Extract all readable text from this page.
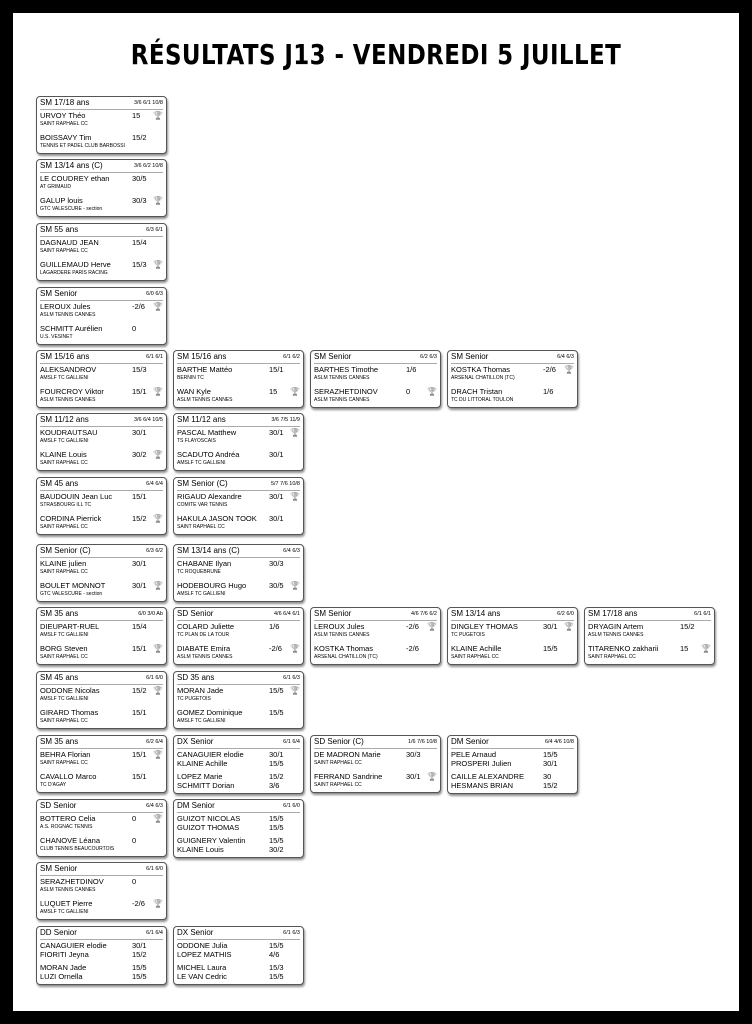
RÉSULTATS J13 - VENDREDI 5 JUILLET
SM 17/18 ans	3/6 6/1 10/8
URVOY Théo	15 🏆
SAINT RAPHAEL CC
BOISSAVY Tim	15/2
TENNIS ET PADEL CLUB BARBOSSI
SM 13/14 ans (C)	3/6 6/2 10/8
LE COUDREY ethan	30/5
AT GRIMAUD
GALUP louis	30/3 🏆
GTC VALESCURE - section
SM 55 ans	6/3 6/1
DAGNAUD JEAN	15/4
SAINT RAPHAEL CC
GUILLEMAUD Herve	15/3 🏆
LAGARDERE PARIS RACING
SM Senior	6/0 6/3
LEROUX Jules	-2/6 🏆
ASLM TENNIS CANNES
SCHMITT Aurélien	0
U.S. VESINET
SM 15/16 ans	6/1 6/1
ALEKSANDROV	15/3
AMSLF TC GALLIENI
FOURCROY Viktor	15/1 🏆
ASLM TENNIS CANNES
SM 15/16 ans	6/1 6/2
BARTHE Mattéo	15/1
BERNIN TC
WAN Kyle	15 🏆
ASLM TENNIS CANNES
SM Senior	6/2 6/3
BARTHES Timothe	1/6
ASLM TENNIS CANNES
SERAZHETDINOV	0 🏆
ASLM TENNIS CANNES
SM Senior	6/4 6/3
KOSTKA Thomas	-2/6 🏆
ARSENAL CHATILLON (TC)
DRACH Tristan	1/6
TC DU LITTORAL TOULON
SM 11/12 ans	3/6 6/4 10/5
KOUDRAUTSAU	30/1
AMSLF TC GALLIENI
KLAINE Louis	30/2 🏆
SAINT RAPHAEL CC
SM 11/12 ans	3/6 7/5 11/9
PASCAL Matthew	30/1 🏆
TS FLAYOSCAIS
SCADUTO Andréa	30/1
AMSLF TC GALLIENI
SM 45 ans	6/4 6/4
BAUDOUIN Jean Luc	15/1
STRASBOURG ILL TC
CORDINA Pierrick	15/2 🏆
SAINT RAPHAEL CC
SM Senior (C)	5/7 7/6 10/8
RIGAUD Alexandre	30/1 🏆
COMITE VAR TENNIS
HAKULA JASON TOOK 30/1
SAINT RAPHAEL CC
SM Senior (C)	6/3 6/2
KLAINE julien	30/1
SAINT RAPHAEL CC
BOULET MONNOT	30/1 🏆
GTC VALESCURE - section
SM 13/14 ans (C)	6/4 6/3
CHABANE Ilyan	30/3
TC ROQUEBRUNE
HODEBOURG Hugo	30/5 🏆
AMSLF TC GALLIENI
SM 35 ans	6/0 3/0 Ab
DIEUPART-RUEL	15/4
AMSLF TC GALLIENI
BORG Steven	15/1 🏆
SAINT RAPHAEL CC
SD Senior	4/6 6/4 6/1
COLARD Juliette	1/6
TC PLAN DE LA TOUR
DIABATE Emira	-2/6 🏆
ASLM TENNIS CANNES
SM Senior	4/6 7/6 6/2
LEROUX Jules	-2/6 🏆
ASLM TENNIS CANNES
KOSTKA Thomas	-2/6
ARSENAL CHATILLON (TC)
SM 13/14 ans	6/2 6/0
DINGLEY THOMAS	30/1 🏆
TC PUGETOIS
KLAINE Achille	15/5
SAINT RAPHAEL CC
SM 17/18 ans	6/1 6/1
DRYAGIN Artem	15/2
ASLM TENNIS CANNES
TITARENKO zakharii	15 🏆
SAINT RAPHAEL CC
SM 45 ans	6/1 6/0
ODDONE Nicolas	15/2 🏆
AMSLF TC GALLIENI
GIRARD Thomas	15/1
SAINT RAPHAEL CC
SD 35 ans	6/1 6/3
MORAN Jade	15/5 🏆
TC PUGETOIS
GOMEZ Dominique	15/5
AMSLF TC GALLIENI
SM 35 ans	6/2 6/4
BEHRA Florian	15/1 🏆
SAINT RAPHAEL CC
CAVALLO Marco	15/1
TC D'AGAY
DX Senior	6/1 6/4
CANAGUIER elodie	30/1
KLAINE Achille	15/5
LOPEZ Marie	15/2
SCHMITT Dorian	3/6
SD Senior (C)	1/6 7/6 10/8
DE MADRON Marie	30/3
SAINT RAPHAEL CC
FERRAND Sandrine	30/1 🏆
SAINT RAPHAEL CC
DM Senior	6/4 4/6 10/8
PELE Arnaud	15/5
PROSPERI Julien	30/1
CAILLE ALEXANDRE	30
HESMANS BRIAN	15/2
SD Senior	6/4 6/3
BOTTERO Celia	0 🏆
A.S. ROGNAC TENNIS
CHANOVE Léana	0
CLUB TENNIS BEAUCOURTOIS
DM Senior	6/1 6/0
GUIZOT NICOLAS	15/5
GUIZOT THOMAS	15/5
GUIGNERY Valentin	15/5
KLAINE Louis	30/2
SM Senior	6/1 6/0
SERAZHETDINOV	0
ASLM TENNIS CANNES
LUQUET Pierre	-2/6 🏆
AMSLF TC GALLIENI
DD Senior	6/1 6/4
CANAGUIER elodie	30/1
FIORITI Jeyna	15/2
MORAN Jade	15/5
LUZI Ornella	15/5
DX Senior	6/1 6/3
ODDONE Julia	15/5
LOPEZ MATHIS	4/6
MICHEL Laura	15/3
LE VAN Cedric	15/5
